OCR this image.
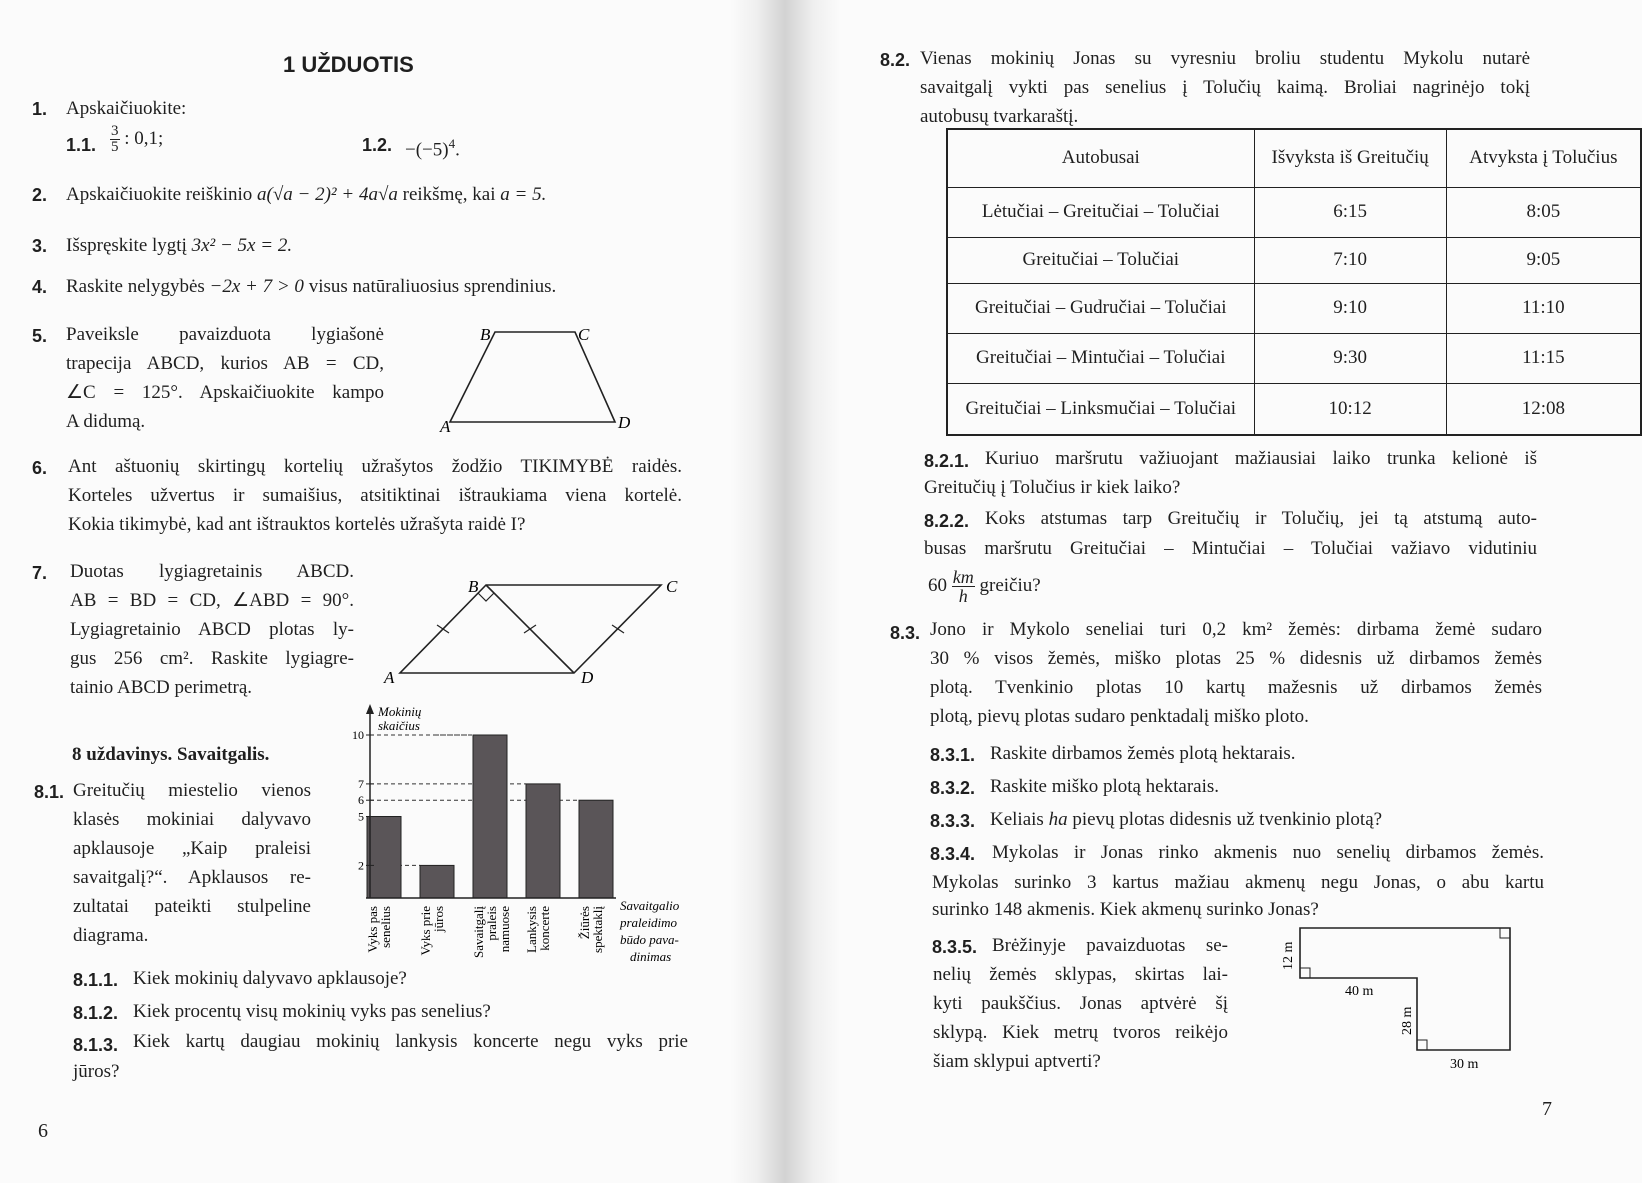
1 UŽDUOTIS
1. Apskaičiuokite:
1.1. $\frac{3}{5}$ : 0,1;	1.2. $-(-5)^4$.
2. Apskaičiuokite reiškinio a(√a − 2)² + 4a√a reikšmę, kai a = 5.
3. Išspręskite lygtį 3x² − 5x = 2.
4. Raskite nelygybės −2x + 7 > 0 visus natūraliuosius sprendinius.
5. Paveiksle pavaizduota lygiašonė
trapecija ABCD, kurios AB = CD,
∠C = 125°. Apskaičiuokite kampo
A didumą.
B	C
A	D
6. Ant aštuonių skirtingų kortelių užrašytos žodžio TIKIMYBĖ raidės.
Korteles užvertus ir sumaišius, atsitiktinai ištraukiama viena kortelė.
Kokia tikimybė, kad ant ištrauktos kortelės užrašyta raidė I?
7. Duotas lygiagretainis ABCD.
AB = BD = CD, ∠ABD = 90°.
Lygiagretainio ABCD plotas ly-
gus 256 cm². Raskite lygiagre-
tainio ABCD perimetrą.
B	C
A	D
8 uždavinys. Savaitgalis.
8.1. Greitučių miestelio vienos
klasės mokiniai dalyvavo
apklausoje „Kaip praleisi
savaitgalį?“. Apklausos re-
zultatai pateikti stulpeline
diagrama.
2
5
6
7
10
Mokinių
skaičius
Vyks pas
senelius Vyks prie
jūros Savaitgalį
praleis
namuose Lankysis
koncerte Žiūrės
spektaklį
Savaitgalio
praleidimo
būdo pava-
dinimas
8.1.1. Kiek mokinių dalyvavo apklausoje?
8.1.2. Kiek procentų visų mokinių vyks pas senelius?
8.1.3. Kiek kartų daugiau mokinių lankysis koncerte negu vyks prie
jūros?
6
8.2. Vienas mokinių Jonas su vyresniu broliu studentu Mykolu nutarė
savaitgalį vykti pas senelius į Tolučių kaimą. Broliai nagrinėjo tokį
autobusų tvarkaraštį.
Autobusai	Išvyksta iš Greitučių	Atvyksta į Tolučius
Lėtučiai – Greitučiai – Tolučiai	6:15	8:05
Greitučiai – Tolučiai	7:10	9:05
Greitučiai – Gudručiai – Tolučiai	9:10	11:10
Greitučiai – Mintučiai – Tolučiai	9:30	11:15
Greitučiai – Linksmučiai – Tolučiai	10:12	12:08
8.2.1. Kuriuo maršrutu važiuojant mažiausiai laiko trunka kelionė iš
Greitučių į Tolučius ir kiek laiko?
8.2.2. Koks atstumas tarp Greitučių ir Tolučių, jei tą atstumą auto-
busas maršrutu Greitučiai – Mintučiai – Tolučiai važiavo vidutiniu
$60 \frac{km}{h}$ greičiu?
8.3. Jono ir Mykolo seneliai turi 0,2 km² žemės: dirbama žemė sudaro
30 % visos žemės, miško plotas 25 % didesnis už dirbamos žemės
plotą. Tvenkinio plotas 10 kartų mažesnis už dirbamos žemės
plotą, pievų plotas sudaro penktadalį miško ploto.
8.3.1. Raskite dirbamos žemės plotą hektarais.
8.3.2. Raskite miško plotą hektarais.
8.3.3. Keliais ha pievų plotas didesnis už tvenkinio plotą?
8.3.4. Mykolas ir Jonas rinko akmenis nuo senelių dirbamos žemės.
Mykolas surinko 3 kartus mažiau akmenų negu Jonas, o abu kartu
surinko 148 akmenis. Kiek akmenų surinko Jonas?
8.3.5. Brėžinyje pavaizduotas se-
nelių žemės sklypas, skirtas lai-
kyti paukščius. Jonas aptvėrė šį
sklypą. Kiek metrų tvoros reikėjo
šiam sklypui aptverti?
12 m
40 m
28 m
30 m
7
